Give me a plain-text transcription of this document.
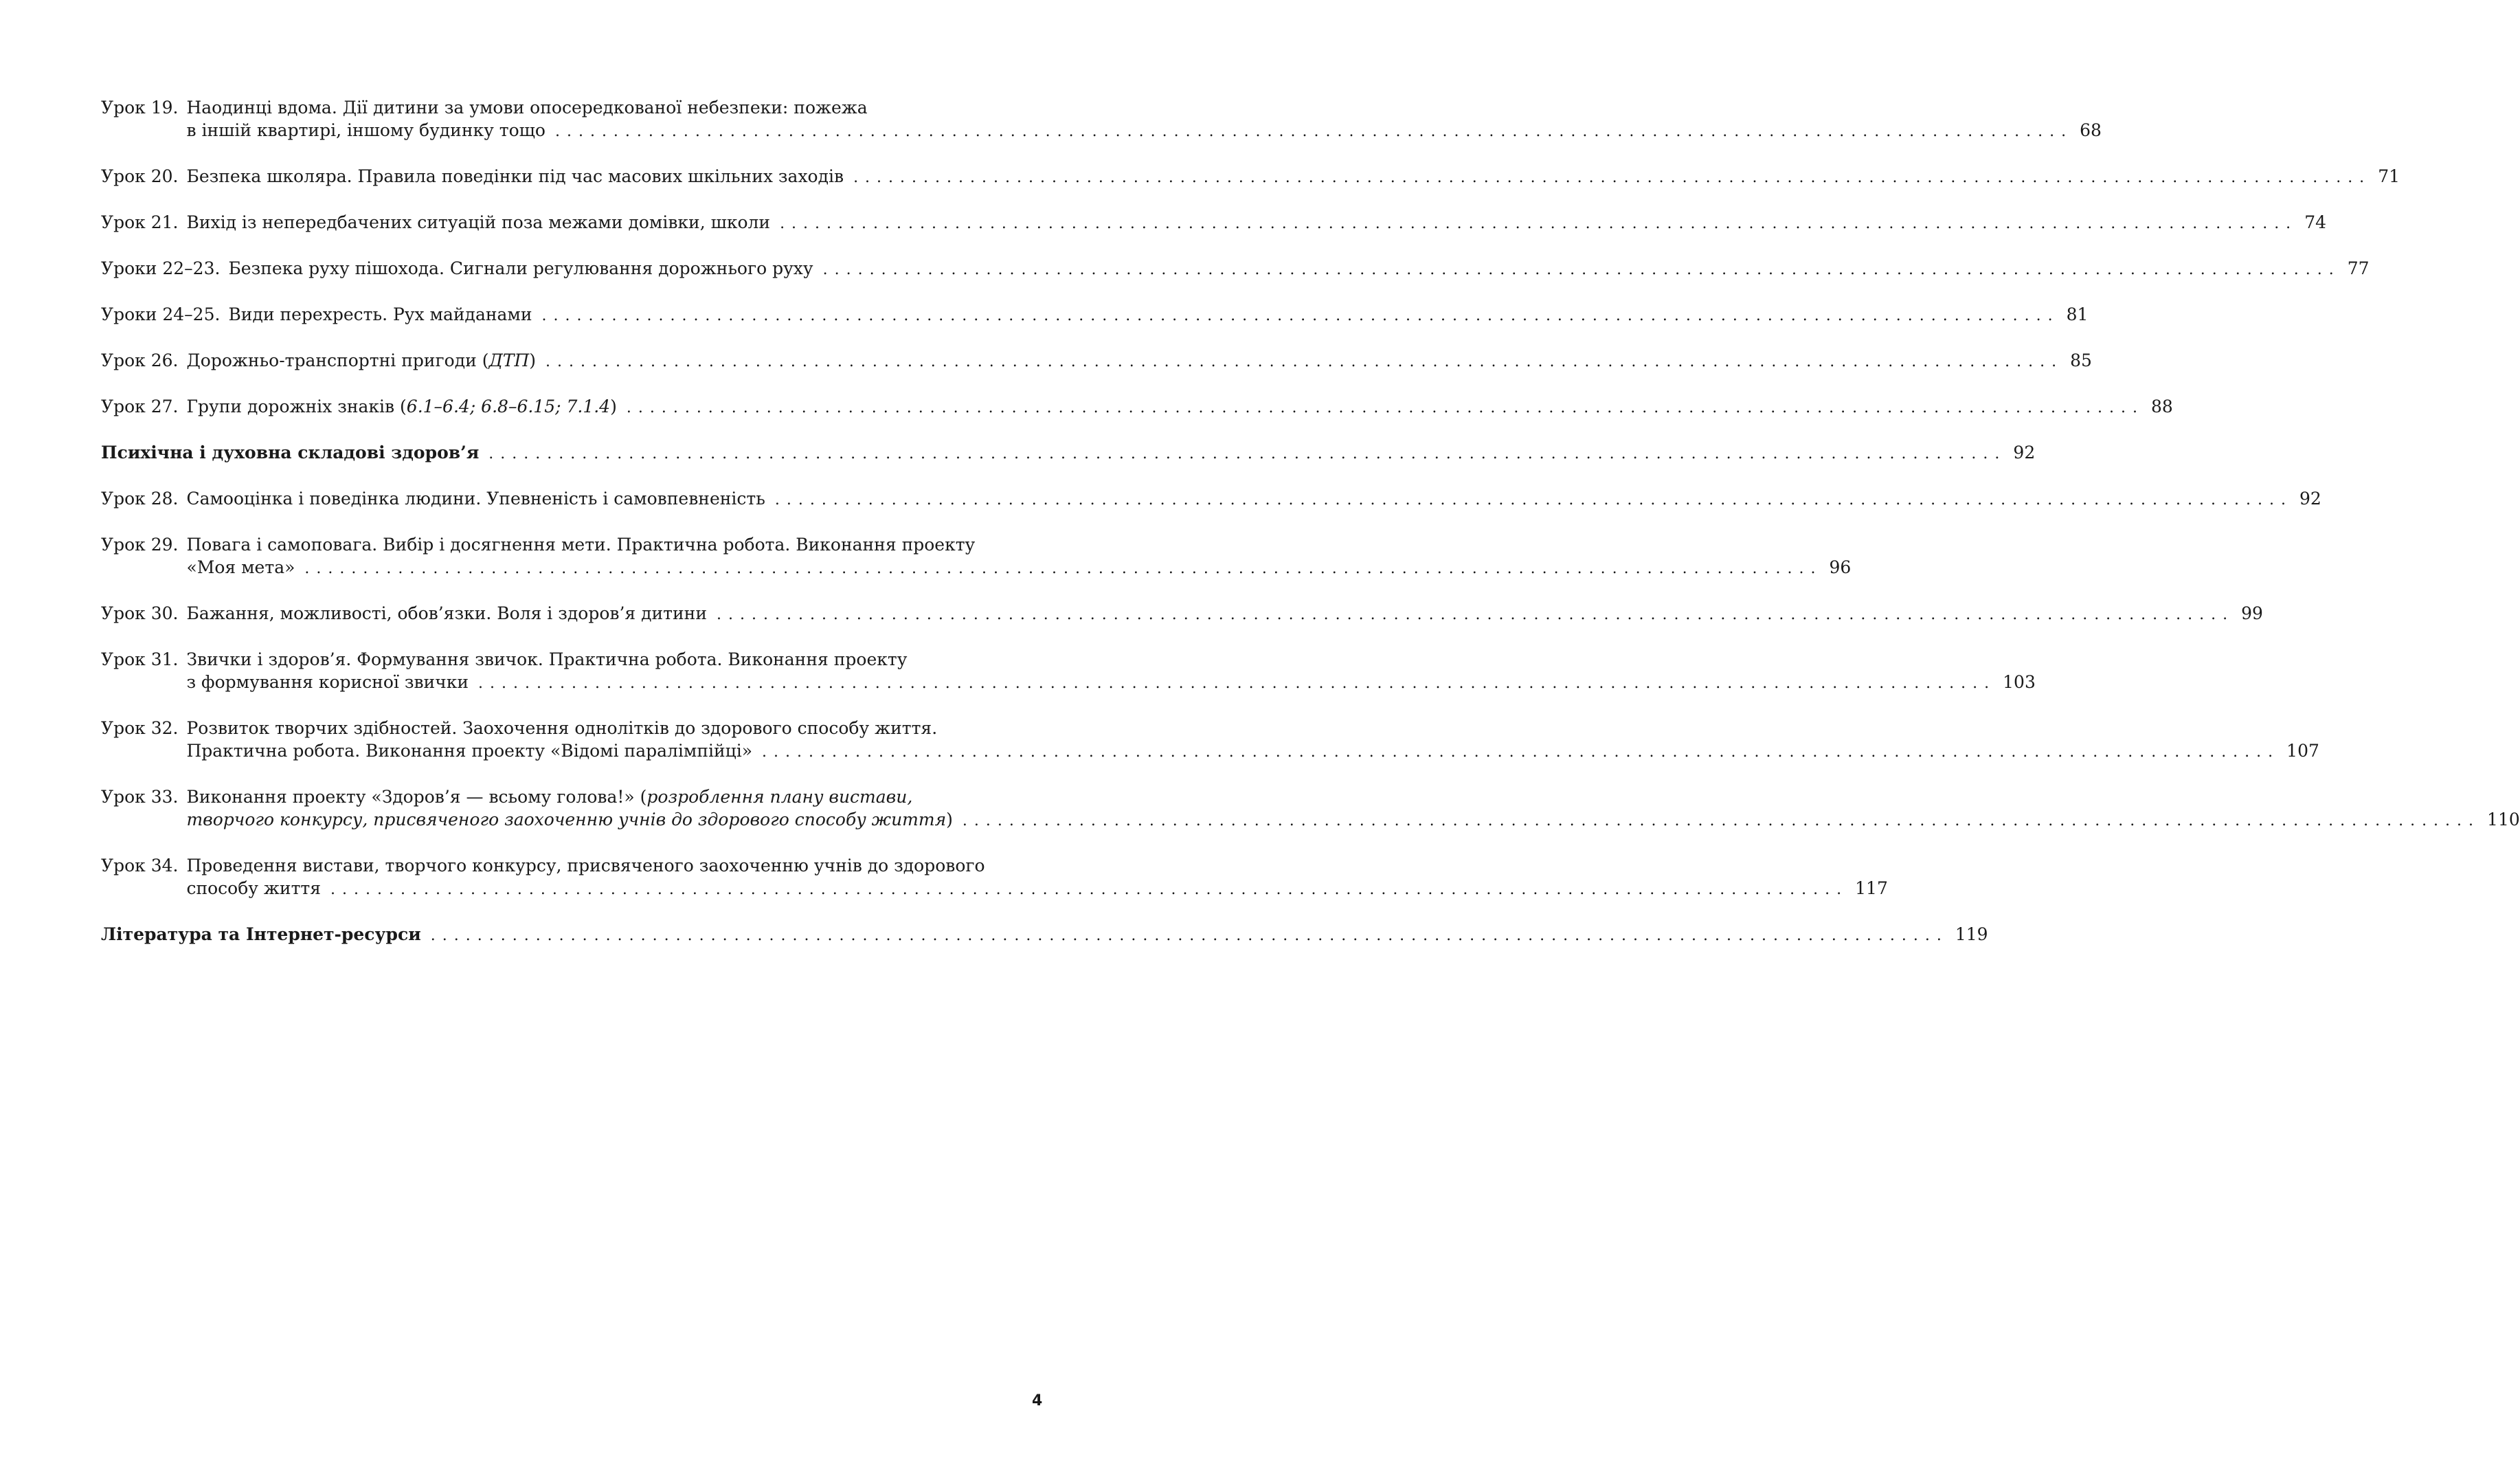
Урок 19. Наодинці вдома. Дії дитини за умови опосередкованої небезпеки: пожежа
в іншій квартирі, іншому будинку тощо .................................................................................................................................. 68
Урок 20. Безпека школяра. Правила поведінки під час масових шкільних заходів .................................................................................................................................. 71
Урок 21. Вихід із непередбачених ситуацій поза межами домівки, школи .................................................................................................................................. 74
Уроки 22–23. Безпека руху пішохода. Сигнали регулювання дорожнього руху .................................................................................................................................. 77
Уроки 24–25. Види перехресть. Рух майданами .................................................................................................................................. 81
Урок 26. Дорожньо-транспортні пригоди (ДТП) .................................................................................................................................. 85
Урок 27. Групи дорожніх знаків (6.1–6.4; 6.8–6.15; 7.1.4) .................................................................................................................................. 88
Психічна і духовна складові здоров’я .................................................................................................................................. 92
Урок 28. Самооцінка і поведінка людини. Упевненість і самовпевненість .................................................................................................................................. 92
Урок 29. Повага і самоповага. Вибір і досягнення мети. Практична робота. Виконання проекту
«Моя мета» .................................................................................................................................. 96
Урок 30. Бажання, можливості, обов’язки. Воля і здоров’я дитини .................................................................................................................................. 99
Урок 31. Звички і здоров’я. Формування звичок. Практична робота. Виконання проекту
з формування корисної звички .................................................................................................................................. 103
Урок 32. Розвиток творчих здібностей. Заохочення однолітків до здорового способу життя.
Практична робота. Виконання проекту «Відомі паралімпійці» .................................................................................................................................. 107
Урок 33. Виконання проекту «Здоров’я — всьому голова!» (розроблення плану вистави,
творчого конкурсу, присвяченого заохоченню учнів до здорового способу життя) .................................................................................................................................. 110
Урок 34. Проведення вистави, творчого конкурсу, присвяченого заохоченню учнів до здорового
способу життя .................................................................................................................................. 117
Література та Інтернет-ресурси .................................................................................................................................. 119
4
